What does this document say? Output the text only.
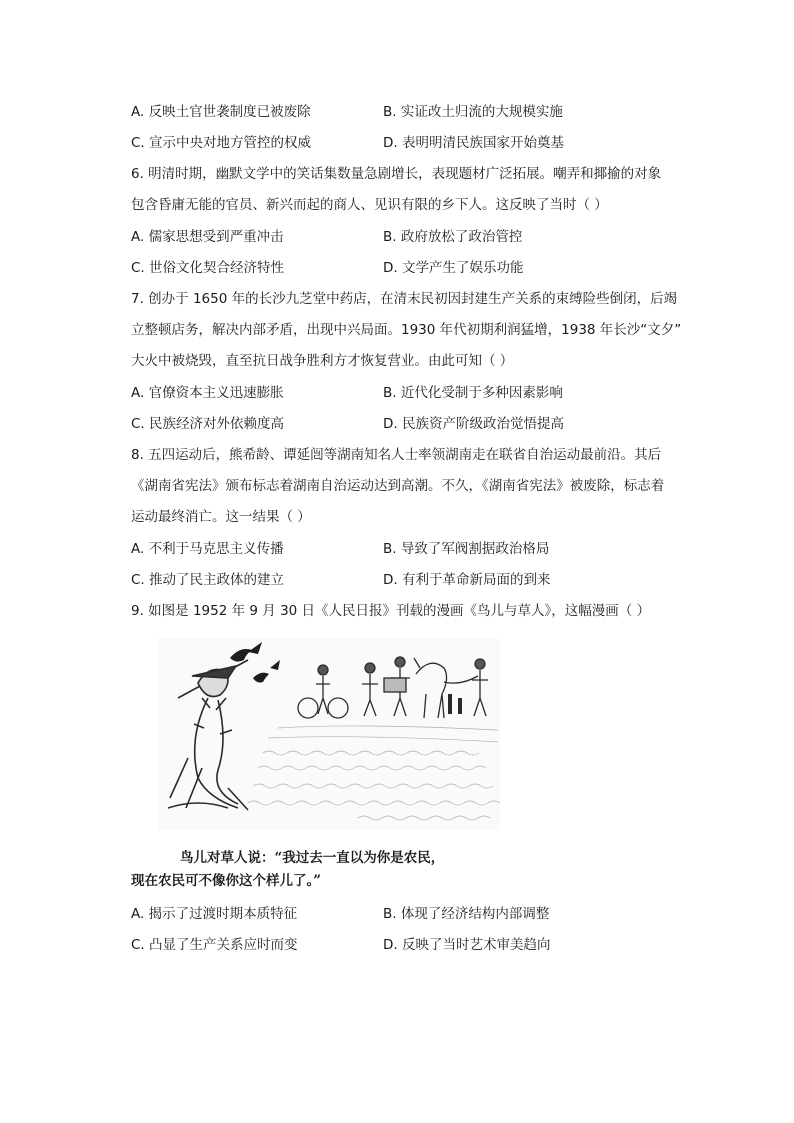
A. 反映土官世袭制度已被废除	B. 实证改土归流的大规模实施
C. 宣示中央对地方管控的权威	D. 表明明清民族国家开始奠基
6. 明清时期，幽默文学中的笑话集数量急剧增长，表现题材广泛拓展。嘲弄和揶揄的对象
包含昏庸无能的官员、新兴而起的商人、见识有限的乡下人。这反映了当时（ ）
A. 儒家思想受到严重冲击	B. 政府放松了政治管控
C. 世俗文化契合经济特性	D. 文学产生了娱乐功能
7. 创办于 1650 年的长沙九芝堂中药店，在清末民初因封建生产关系的束缚险些倒闭，后竭
立整顿店务，解决内部矛盾，出现中兴局面。1930 年代初期利润猛增，1938 年长沙“文夕”
大火中被烧毁，直至抗日战争胜利方才恢复营业。由此可知（ ）
A. 官僚资本主义迅速膨胀	B. 近代化受制于多种因素影响
C. 民族经济对外依赖度高	D. 民族资产阶级政治觉悟提高
8. 五四运动后，熊希龄、谭延闿等湖南知名人士率领湖南走在联省自治运动最前沿。其后
《湖南省宪法》颁布标志着湖南自治运动达到高潮。不久，《湖南省宪法》被废除，标志着
运动最终消亡。这一结果（ ）
A. 不利于马克思主义传播	B. 导致了军阀割据政治格局
C. 推动了民主政体的建立	D. 有利于革命新局面的到来
9. 如图是 1952 年 9 月 30 日《人民日报》刊载的漫画《鸟儿与草人》，这幅漫画（ ）
鸟儿对草人说：“我过去一直以为你是农民，
现在农民可不像你这个样儿了。”
A. 揭示了过渡时期本质特征	B. 体现了经济结构内部调整
C. 凸显了生产关系应时而变	D. 反映了当时艺术审美趋向
